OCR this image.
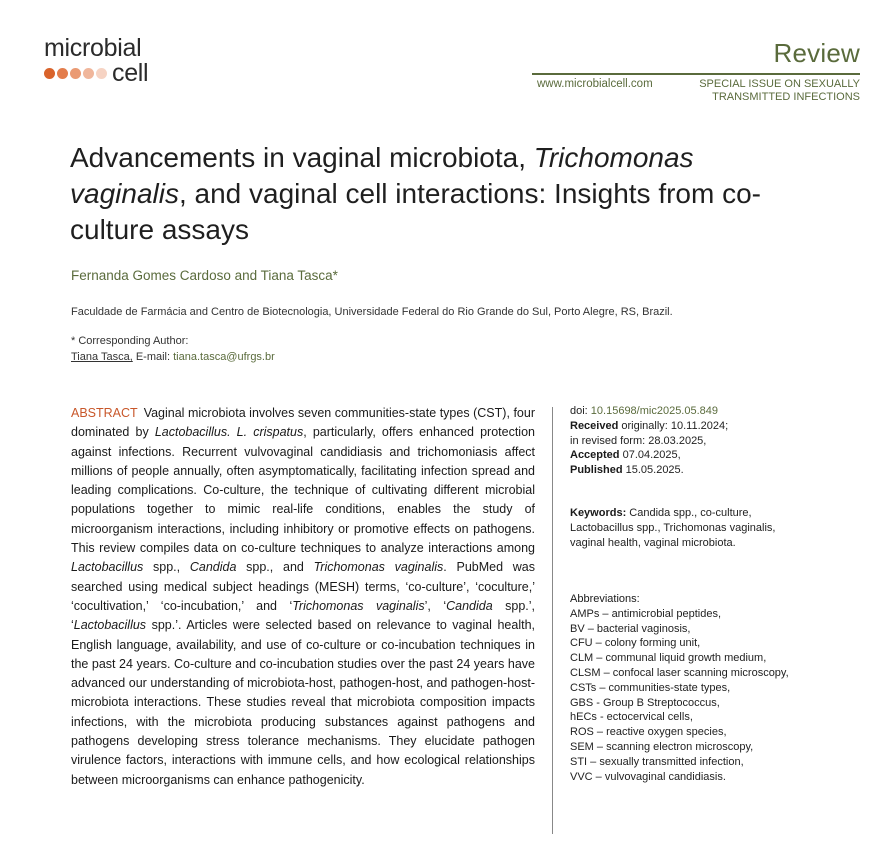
microbial
cell
Review
www.microbialcell.com	SPECIAL ISSUE ON SEXUALLY TRANSMITTED INFECTIONS
Advancements in vaginal microbiota, Trichomonas vaginalis, and vaginal cell interactions: Insights from co-culture assays
Fernanda Gomes Cardoso and Tiana Tasca*
Faculdade de Farmácia and Centro de Biotecnologia, Universidade Federal do Rio Grande do Sul, Porto Alegre, RS, Brazil.
* Corresponding Author:
Tiana Tasca, E-mail: tiana.tasca@ufrgs.br
ABSTRACT Vaginal microbiota involves seven communities-state types (CST), four dominated by Lactobacillus. L. crispatus, particularly, offers enhanced protection against infections. Recurrent vulvovaginal candidiasis and trichomoniasis affect millions of people annually, often asymptomatically, facilitating infection spread and leading complications. Co-culture, the technique of cultivating different microbial populations together to mimic real-life conditions, enables the study of microorganism interactions, including inhibitory or promotive effects on pathogens. This review compiles data on co-culture techniques to analyze interactions among Lactobacillus spp., Candida spp., and Trichomonas vaginalis. PubMed was searched using medical subject headings (MESH) terms, ‘co-culture’, ‘coculture,’ ‘cocultivation,’ ‘co-incubation,’ and ‘Trichomonas vaginalis’, ‘Candida spp.’, ‘Lactobacillus spp.’. Articles were selected based on relevance to vaginal health, English language, availability, and use of co-culture or co-incubation techniques in the past 24 years. Co-culture and co-incubation studies over the past 24 years have advanced our understanding of microbiota-host, pathogen-host, and pathogen-host-microbiota interactions. These studies reveal that microbiota composition impacts infections, with the microbiota producing substances against pathogens and pathogens developing stress tolerance mechanisms. They elucidate pathogen virulence factors, interactions with immune cells, and how ecological relationships between microorganisms can enhance pathogenicity.
doi: 10.15698/mic2025.05.849
Received originally: 10.11.2024;
in revised form: 28.03.2025,
Accepted 07.04.2025,
Published 15.05.2025.
Keywords: Candida spp., co-culture, Lactobacillus spp., Trichomonas vaginalis, vaginal health, vaginal microbiota.
Abbreviations:
AMPs – antimicrobial peptides,
BV – bacterial vaginosis,
CFU – colony forming unit,
CLM – communal liquid growth medium,
CLSM – confocal laser scanning microscopy,
CSTs – communities-state types,
GBS - Group B Streptococcus,
hECs - ectocervical cells,
ROS – reactive oxygen species,
SEM – scanning electron microscopy,
STI – sexually transmitted infection,
VVC – vulvovaginal candidiasis.
